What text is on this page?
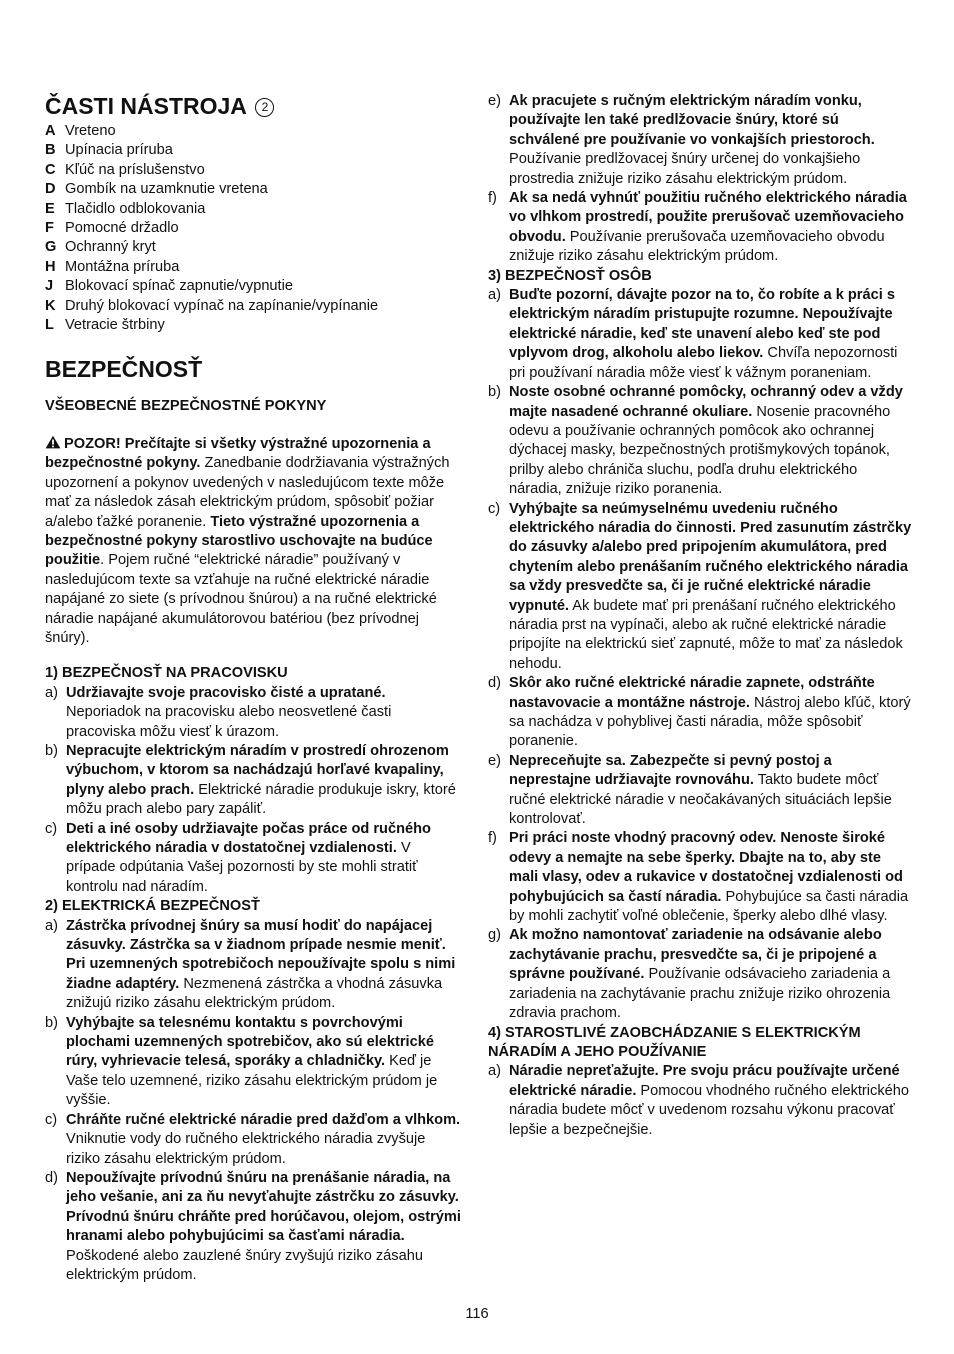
ČASTI NÁSTROJA 2
A Vreteno
B Upínacia príruba
C Kľúč na príslušenstvo
D Gombík na uzamknutie vretena
E Tlačidlo odblokovania
F Pomocné držadlo
G Ochranný kryt
H Montážna príruba
J Blokovací spínač zapnutie/vypnutie
K Druhý blokovací vypínač na zapínanie/vypínanie
L Vetracie štrbiny
BEZPEČNOSŤ

VŠEOBECNÉ BEZPEČNOSTNÉ POKYNY

POZOR! Prečítajte si všetky výstražné upozornenia a bezpečnostné pokyny. Zanedbanie dodržiavania výstražných upozornení a pokynov uvedených v nasledujúcom texte môže mať za následok zásah elektrickým prúdom, spôsobiť požiar a/alebo ťažké poranenie. Tieto výstražné upozornenia a bezpečnostné pokyny starostlivo uschovajte na budúce použitie. Pojem ručné “elektrické náradie” používaný v nasledujúcom texte sa vzťahuje na ručné elektrické náradie napájané zo siete (s prívodnou šnúrou) a na ručné elektrické náradie napájané akumulátorovou batériou (bez prívodnej šnúry).

1) BEZPEČNOSŤ NA PRACOVISKU

a) Udržiavajte svoje pracovisko čisté a upratané. Neporiadok na pracovisku alebo neosvetlené časti pracoviska môžu viesť k úrazom.
b) Nepracujte elektrickým náradím v prostredí ohrozenom výbuchom, v ktorom sa nachádzajú horľavé kvapaliny, plyny alebo prach. Elektrické náradie produkuje iskry, ktoré môžu prach alebo pary zapáliť.
c) Deti a iné osoby udržiavajte počas práce od ručného elektrického náradia v dostatočnej vzdialenosti. V prípade odpútania Vašej pozornosti by ste mohli stratiť kontrolu nad náradím.

2) ELEKTRICKÁ BEZPEČNOSŤ

a) Zástrčka prívodnej šnúry sa musí hodiť do napájacej zásuvky. Zástrčka sa v žiadnom prípade nesmie meniť. Pri uzemnených spotrebičoch nepoužívajte spolu s nimi žiadne adaptéry. Nezmenená zástrčka a vhodná zásuvka znižujú riziko zásahu elektrickým prúdom.
b) Vyhýbajte sa telesnému kontaktu s povrchovými plochami uzemnených spotrebičov, ako sú elektrické rúry, vyhrievacie telesá, sporáky a chladničky. Keď je Vaše telo uzemnené, riziko zásahu elektrickým prúdom je vyššie.
c) Chráňte ručné elektrické náradie pred dažďom a vlhkom. Vniknutie vody do ručného elektrického náradia zvyšuje riziko zásahu elektrickým prúdom.
d) Nepoužívajte prívodnú šnúru na prenášanie náradia, na jeho vešanie, ani za ňu nevyťahujte zástrčku zo zásuvky. Prívodnú šnúru chráňte pred horúčavou, olejom, ostrými hranami alebo pohybujúcimi sa časťami náradia. Poškodené alebo zauzlené šnúry zvyšujú riziko zásahu elektrickým prúdom.
e) Ak pracujete s ručným elektrickým náradím vonku, používajte len také predlžovacie šnúry, ktoré sú schválené pre používanie vo vonkajších priestoroch. Používanie predlžovacej šnúry určenej do vonkajšieho prostredia znižuje riziko zásahu elektrickým prúdom.
f) Ak sa nedá vyhnúť použitiu ručného elektrického náradia vo vlhkom prostredí, použite prerušovač uzemňovacieho obvodu. Používanie prerušovača uzemňovacieho obvodu znižuje riziko zásahu elektrickým prúdom.

3) BEZPEČNOSŤ OSÔB

a) Buďte pozorní, dávajte pozor na to, čo robíte a k práci s elektrickým náradím pristupujte rozumne. Nepoužívajte elektrické náradie, keď ste unavení alebo keď ste pod vplyvom drog, alkoholu alebo liekov. Chvíľa nepozornosti pri používaní náradia môže viesť k vážnym poraneniam.
b) Noste osobné ochranné pomôcky, ochranný odev a vždy majte nasadené ochranné okuliare. Nosenie pracovného odevu a používanie ochranných pomôcok ako ochrannej dýchacej masky, bezpečnostných protišmykových topánok, prilby alebo chrániča sluchu, podľa druhu elektrického náradia, znižuje riziko poranenia.
c) Vyhýbajte sa neúmyselnému uvedeniu ručného elektrického náradia do činnosti. Pred zasunutím zástrčky do zásuvky a/alebo pred pripojením akumulátora, pred chytením alebo prenášaním ručného elektrického náradia sa vždy presvedčte sa, či je ručné elektrické náradie vypnuté. Ak budete mať pri prenášaní ručného elektrického náradia prst na vypínači, alebo ak ručné elektrické náradie pripojíte na elektrickú sieť zapnuté, môže to mať za následok nehodu.
d) Skôr ako ručné elektrické náradie zapnete, odstráňte nastavovacie a montážne nástroje. Nástroj alebo kľúč, ktorý sa nachádza v pohyblivej časti náradia, môže spôsobiť poranenie.
e) Nepreceňujte sa. Zabezpečte si pevný postoj a neprestajne udržiavajte rovnováhu. Takto budete môcť ručné elektrické náradie v neočakávaných situáciách lepšie kontrolovať.
f) Pri práci noste vhodný pracovný odev. Nenoste široké odevy a nemajte na sebe šperky. Dbajte na to, aby ste mali vlasy, odev a rukavice v dostatočnej vzdialenosti od pohybujúcich sa častí náradia. Pohybujúce sa časti náradia by mohli zachytiť voľné oblečenie, šperky alebo dlhé vlasy.
g) Ak možno namontovať zariadenie na odsávanie alebo zachytávanie prachu, presvedčte sa, či je pripojené a správne používané. Používanie odsávacieho zariadenia a zariadenia na zachytávanie prachu znižuje riziko ohrozenia zdravia prachom.

4) STAROSTLIVÉ ZAOBCHÁDZANIE S ELEKTRICKÝM NÁRADÍM A JEHO POUŽÍVANIE

a) Náradie nepreťažujte. Pre svoju prácu používajte určené elektrické náradie. Pomocou vhodného ručného elektrického náradia budete môcť v uvedenom rozsahu výkonu pracovať lepšie a bezpečnejšie.
116
